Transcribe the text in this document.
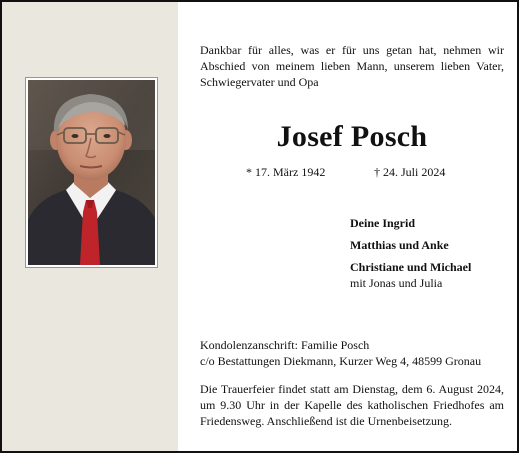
Dankbar für alles, was er für uns getan hat, nehmen wir Abschied von meinem lieben Mann, unserem lieben Vater, Schwiegervater und Opa
Josef Posch
* 17. März 1942	† 24. Juli 2024
Deine Ingrid
Matthias und Anke
Christiane und Michael
mit Jonas und Julia
Kondolenzanschrift: Familie Posch
c/o Bestattungen Diekmann, Kurzer Weg 4, 48599 Gronau
Die Trauerfeier findet statt am Dienstag, dem 6. August 2024, um 9.30 Uhr in der Kapelle des katholischen Friedhofes am Friedensweg. Anschließend ist die Urnenbeisetzung.
